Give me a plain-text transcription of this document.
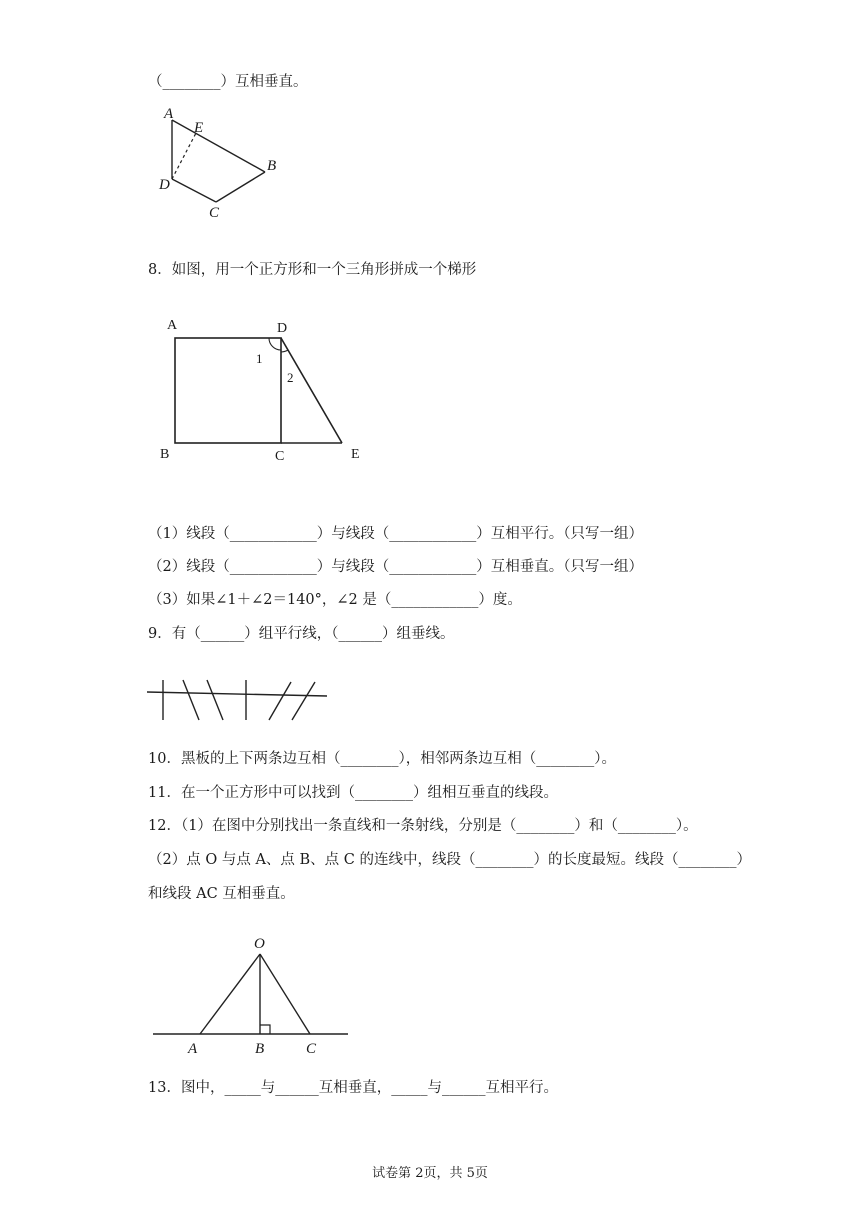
（________）互相垂直。
A
E
B
D
C
8．如图，用一个正方形和一个三角形拼成一个梯形
A	D
1
2
B	C	E
（1）线段（____________）与线段（____________）互相平行。（只写一组）
（2）线段（____________）与线段（____________）互相垂直。（只写一组）
（3）如果∠1＋∠2＝140°，∠2 是（____________）度。
9．有（______）组平行线，（______）组垂线。
10．黑板的上下两条边互相（________），相邻两条边互相（________）。
11．在一个正方形中可以找到（________）组相互垂直的线段。
12．（1）在图中分别找出一条直线和一条射线，分别是（________）和（________）。
（2）点 O 与点 A、点 B、点 C 的连线中，线段（________）的长度最短。线段（________）
和线段 AC 互相垂直。
O
A	B	C
13．图中，_____与______互相垂直，_____与______互相平行。
试卷第 2页，共 5页
